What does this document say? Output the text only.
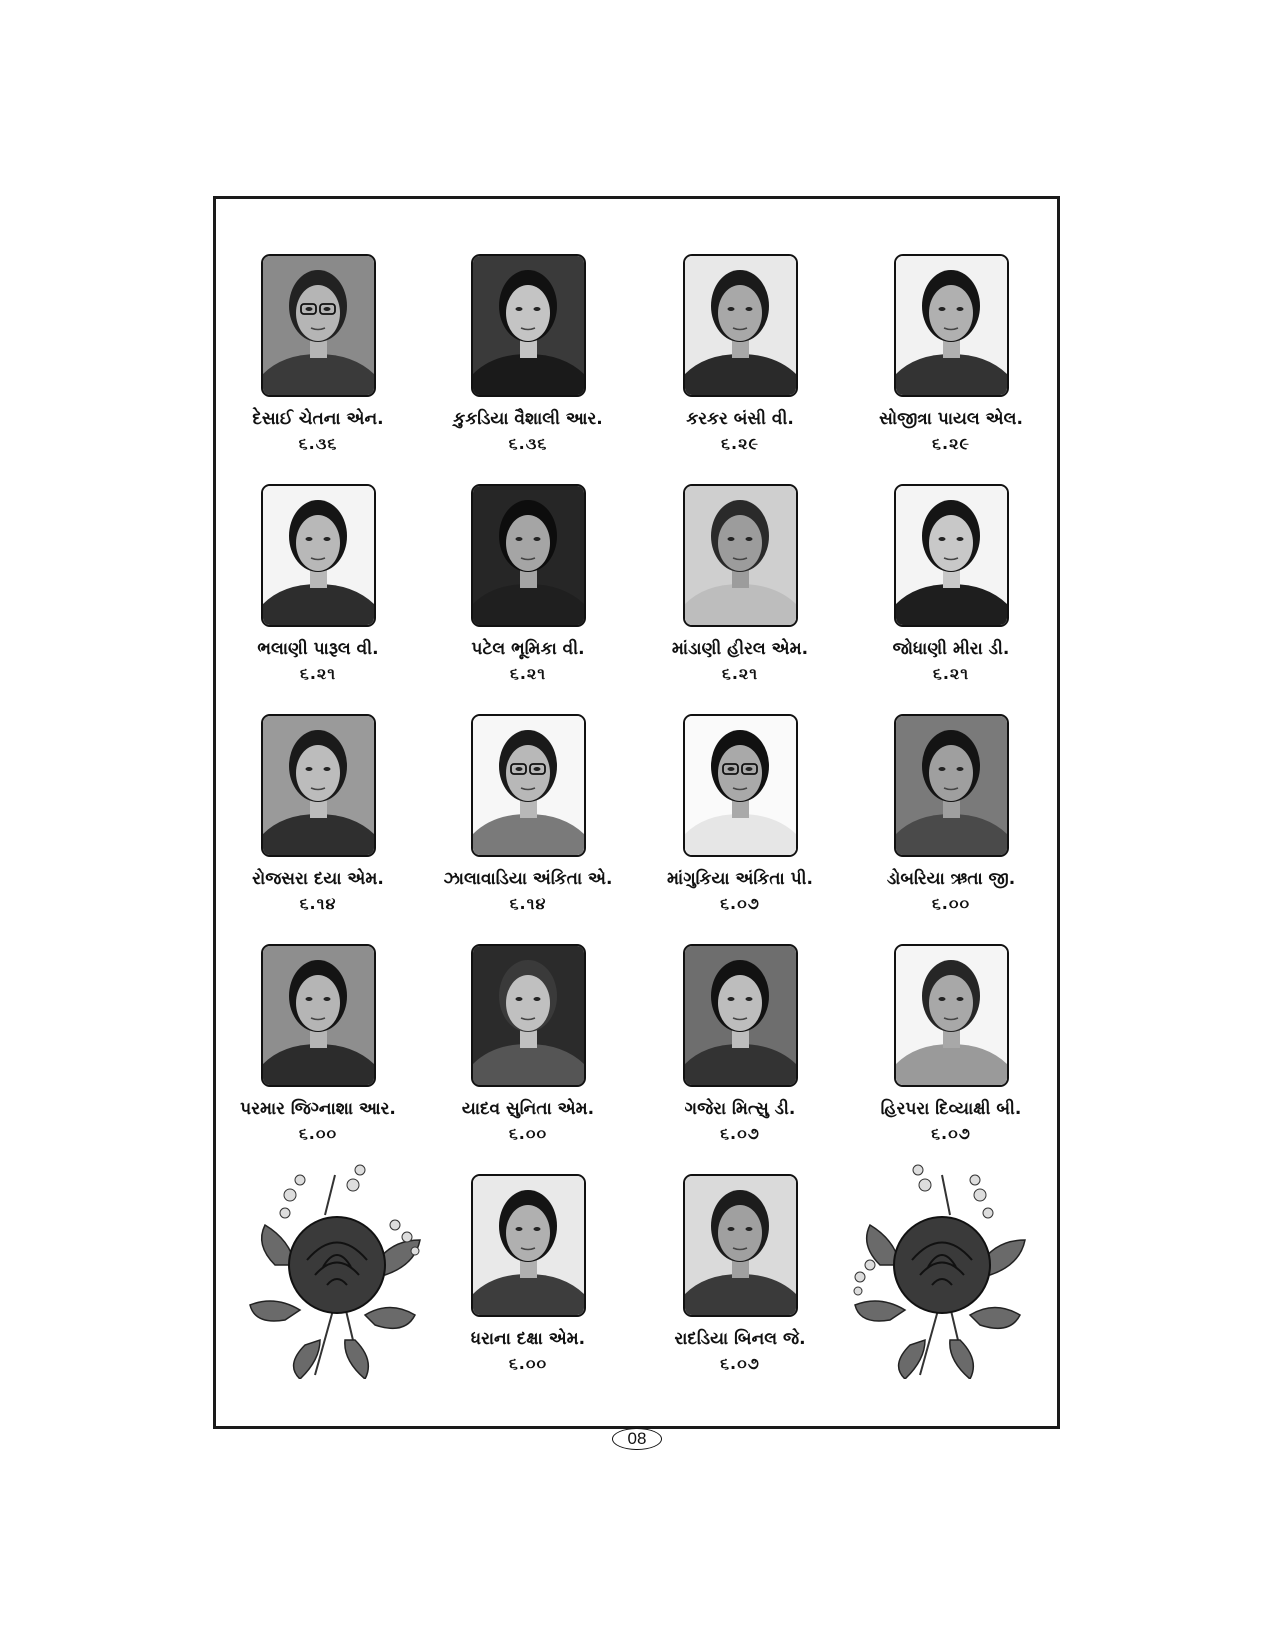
દેસાઈ ચેતના એન.
૬.૩૬
કુકડિયા વૈશાલી આર.
૬.૩૬
કરકર બંસી વી.
૬.૨૯
સોજીત્રા પાયલ એલ.
૬.૨૯
ભલાણી પારૂલ વી.
૬.૨૧
પટેલ ભૂમિકા વી.
૬.૨૧
માંડાણી હીરલ એમ.
૬.૨૧
જોધાણી મીરા ડી.
૬.૨૧
રોજસરા દયા એમ.
૬.૧૪
ઝાલાવાડિયા અંકિતા એ.
૬.૧૪
માંગુકિયા અંકિતા પી.
૬.૦૭
ડોબરિયા ઋતા જી.
૬.૦૦
પરમાર જિગ્નાશા આર.
૬.૦૦
યાદવ સુનિતા એમ.
૬.૦૦
ગજેરા મિત્સુ ડી.
૬.૦૭
હિરપરા દિવ્યાક્ષી બી.
૬.૦૭
ધરાના દક્ષા એમ.
૬.૦૦
રાદડિયા બિનલ જે.
૬.૦૭
08
